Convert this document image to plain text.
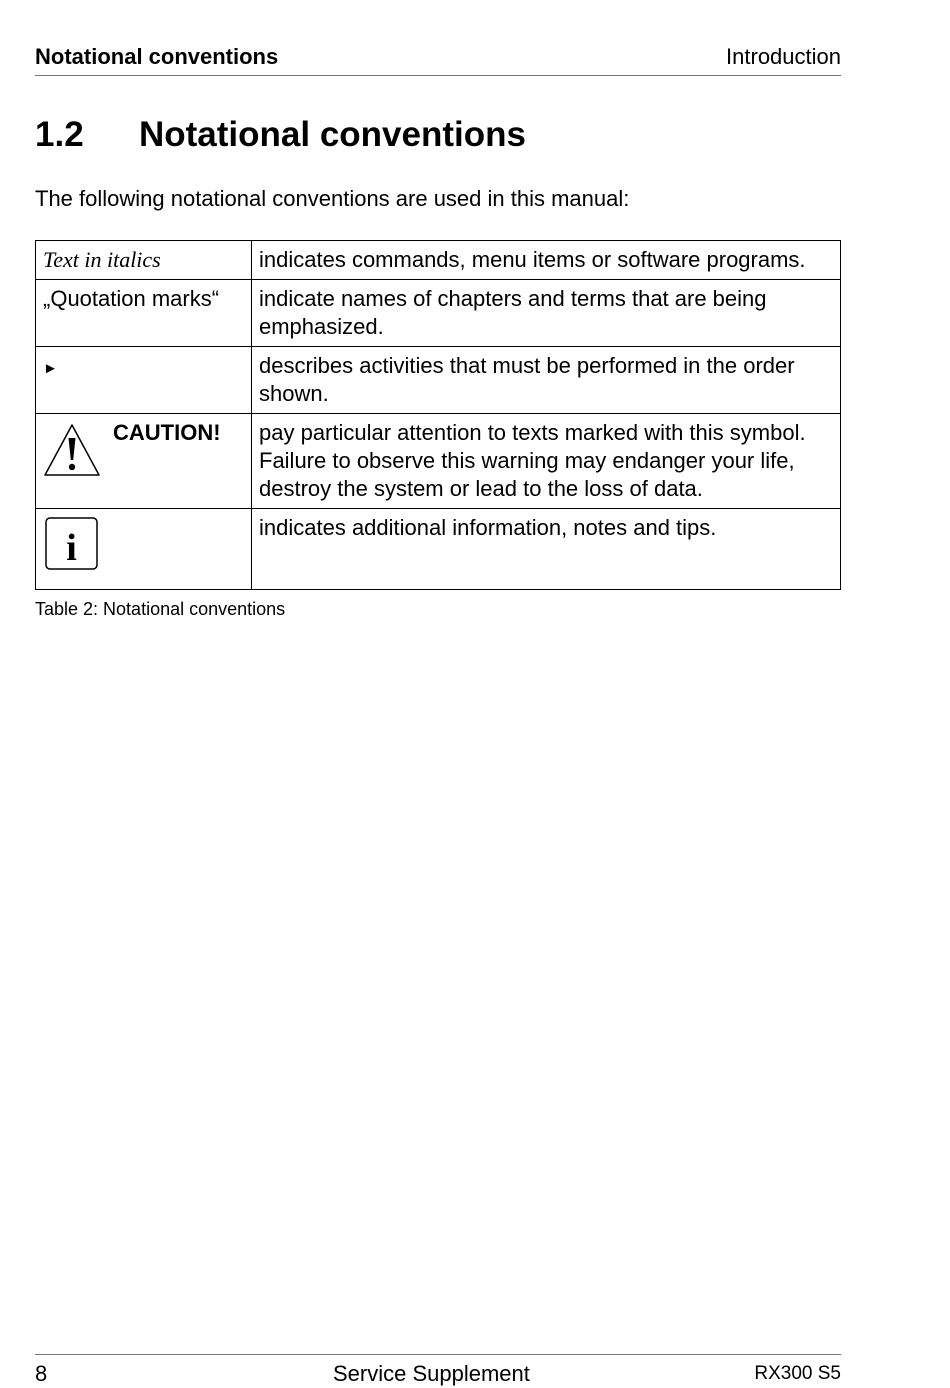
Notational conventions	Introduction
1.2 Notational conventions
The following notational conventions are used in this manual:
Text in italics	indicates commands, menu items or software programs.
„Quotation marks“	indicate names of chapters and terms that are being emphasized.
►	describes activities that must be performed in the order shown.

CAUTION!	pay particular attention to texts marked with this symbol. Failure to observe this warning may endanger your life, destroy the system or lead to the loss of data.

i	indicates additional information, notes and tips.
Table 2: Notational conventions
8	Service Supplement	RX300 S5
